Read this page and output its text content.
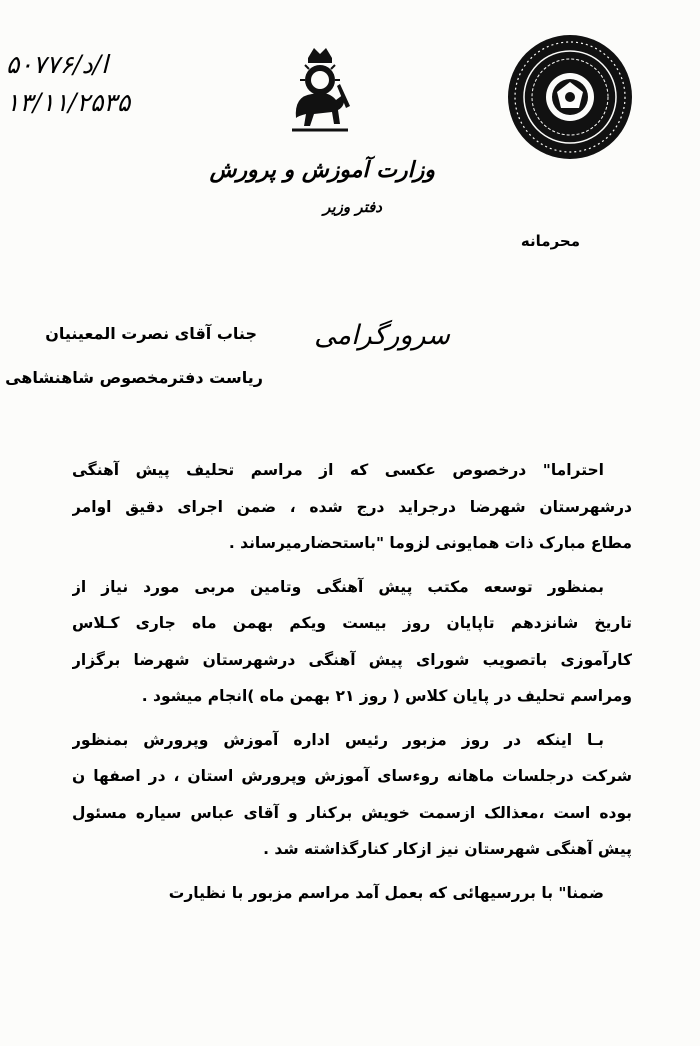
۵۰۷۷۶/ا/د
۱۳/۱۱/۲۵۳۵
وزارت آموزش و پرورش
دفتر وزیر
محرمانه
سرورگرامی
جناب آقای نصرت المعینیان
ریاست دفترمخصوص شاهنشاهی
احتراما" درخصوص عکسی که از مراسم تحلیف پیش آهنگی
درشهرستان شهرضا درجراید درج شده ، ضمن اجرای دقیق اوامر
مطاع مبارک ذات همایونی لزوما "باستحضارمیرساند .
بمنظور توسعه مکتب پیش آهنگی وتامین مربی مورد نیاز از
تاریخ شانزدهم تاپایان روز بیست ویکم بهمن ماه جاری کـلاس
کارآموزی باتصویب شورای پیش آهنگی درشهرستان شهرضا برگزار
ومراسم تحلیف در پایان کلاس ( روز ۲۱ بهمن ماه )انجام میشود .
بـا اینکه در روز مزبور رئیس اداره آموزش وپرورش بمنظور
شرکت درجلسات ماهانه روءسای آموزش وپرورش استان ، در اصفها ن
بوده است ،معذالک ازسمت خویش برکنار و آقای عباس سیاره مسئول
پیش آهنگی شهرستان نیز ازکار کنارگذاشته شد .
ضمنا" با بررسیهائی که بعمل آمد مراسم مزبور با نظیارت
